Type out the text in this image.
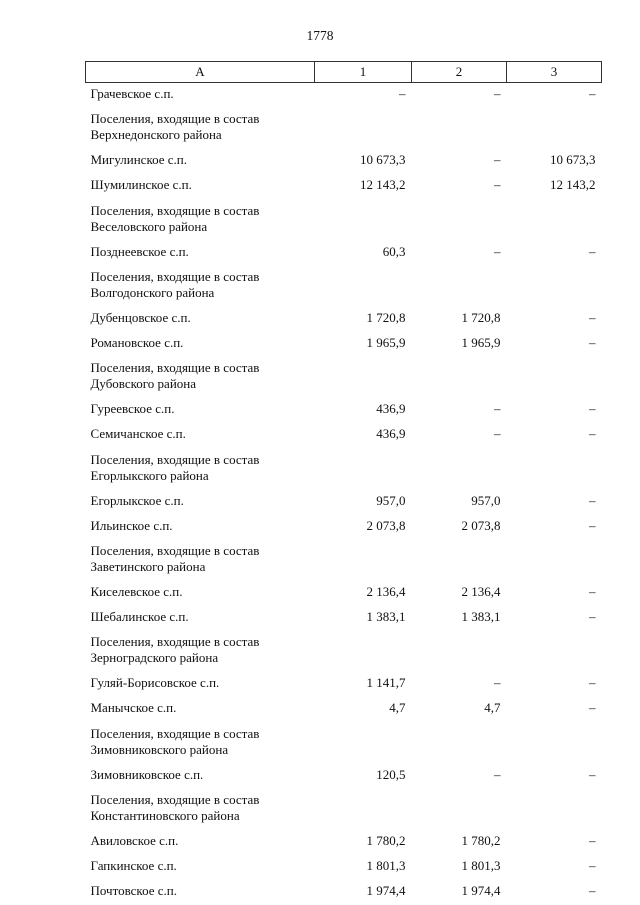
1778
А	1	2	3
Грачевское с.п.	–	–	–
Поселения, входящие в состав Верхнедонского района			
Мигулинское с.п.	10 673,3	–	10 673,3
Шумилинское с.п.	12 143,2	–	12 143,2
Поселения, входящие в состав Веселовского района			
Позднеевское с.п.	60,3	–	–
Поселения, входящие в состав Волгодонского района			
Дубенцовское с.п.	1 720,8	1 720,8	–
Романовское с.п.	1 965,9	1 965,9	–
Поселения, входящие в состав Дубовского района			
Гуреевское с.п.	436,9	–	–
Семичанское с.п.	436,9	–	–
Поселения, входящие в состав Егорлыкского района			
Егорлыкское с.п.	957,0	957,0	–
Ильинское с.п.	2 073,8	2 073,8	–
Поселения, входящие в состав Заветинского района			
Киселевское с.п.	2 136,4	2 136,4	–
Шебалинское с.п.	1 383,1	1 383,1	–
Поселения, входящие в состав Зерноградского района			
Гуляй-Борисовское с.п.	1 141,7	–	–
Манычское с.п.	4,7	4,7	–
Поселения, входящие в состав Зимовниковского района			
Зимовниковское с.п.	120,5	–	–
Поселения, входящие в состав Константиновского района			
Авиловское с.п.	1 780,2	1 780,2	–
Гапкинское с.п.	1 801,3	1 801,3	–
Почтовское с.п.	1 974,4	1 974,4	–
